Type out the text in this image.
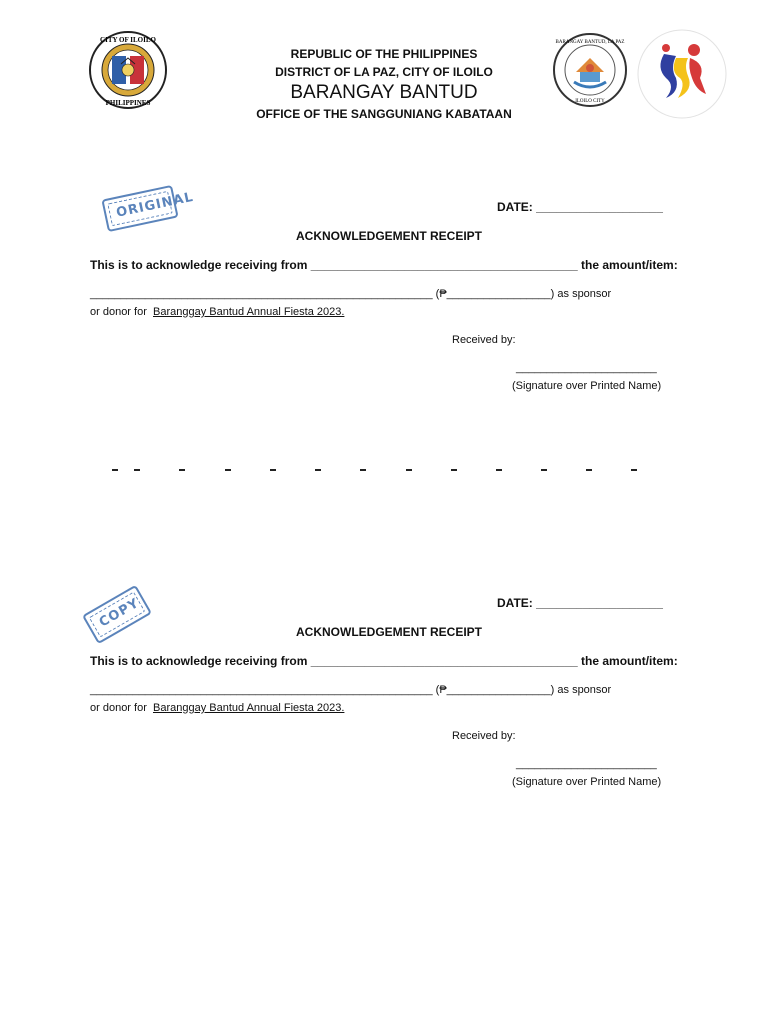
CITY OF ILOILO
PHILIPPINES
REPUBLIC OF THE PHILIPPINES
DISTRICT OF LA PAZ, CITY OF ILOILO
BARANGAY BANTUD
OFFICE OF THE SANGGUNIANG KABATAAN
BARANGAY BANTUD, LA PAZ
ILOILO CITY
ORIGINAL	DATE: ___________________
ACKNOWLEDGEMENT RECEIPT
This is to acknowledge receiving from ________________________________________ the amount/item:
________________________________________________________ (₱_________________) as sponsor
or donor for Baranggay Bantud Annual Fiesta 2023.
Received by:
_______________________
(Signature over Printed Name)
COPY	DATE: ___________________
ACKNOWLEDGEMENT RECEIPT
This is to acknowledge receiving from ________________________________________ the amount/item:
________________________________________________________ (₱_________________) as sponsor
or donor for Baranggay Bantud Annual Fiesta 2023.
Received by:
_______________________
(Signature over Printed Name)
